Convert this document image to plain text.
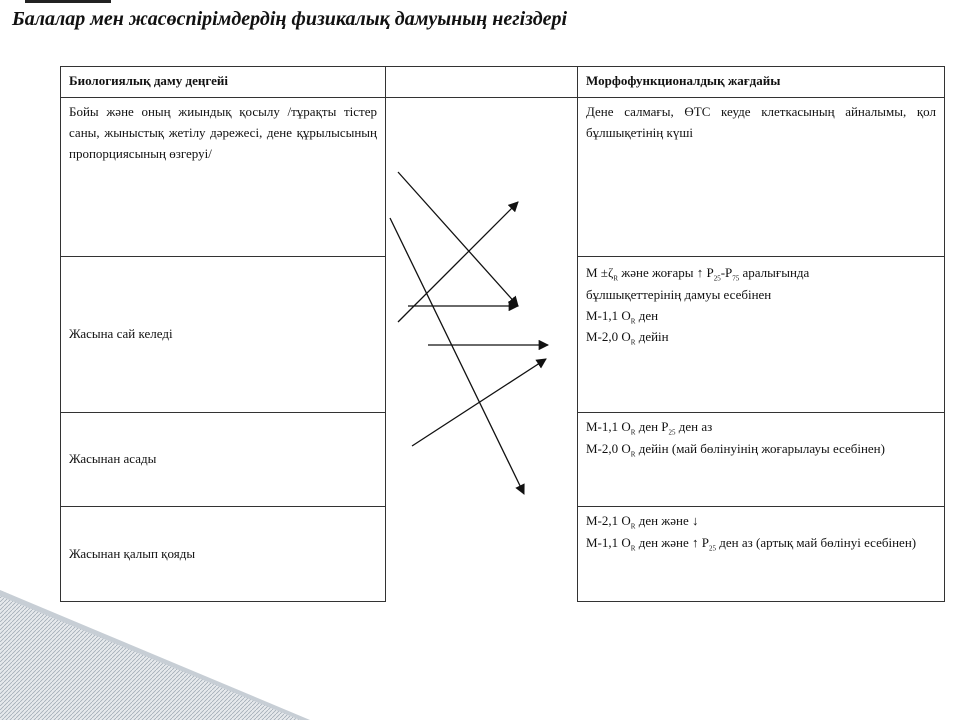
Балалар мен жасөспірімдердің физикалық дамуының негіздері
Биологиялық даму деңгейі	Морфофункционалдық жағдайы
Бойы және оның жиындық қосылу /тұрақты тістер саны, жыныстық жетілу дәрежесі, дене құрылысының пропорциясының өзгеруі/
Жасына сай келеді
Жасынан асады
Жасынан қалып қояды
Дене салмағы, ӨТС кеуде клеткасының айналымы, қол бұлшықетінің күші
$М \pm\zeta_R$ және жоғары ↑ $Р_{25}-Р_{75}$ аралығында
бұлшықеттерінің дамуы есебінен
М-1,1 $О_R$ ден
М-2,0 $О_R$ дейін
М-1,1 $О_R$ ден $Р_{25}$ ден аз
М-2,0 $О_R$ дейін (май бөлінуінің жоғарылауы есебінен)
М-2,1 $О_R$ ден және ↓
М-1,1 $О_R$ ден және ↑ $Р_{25}$ ден аз (артық май бөлінуі есебінен)
